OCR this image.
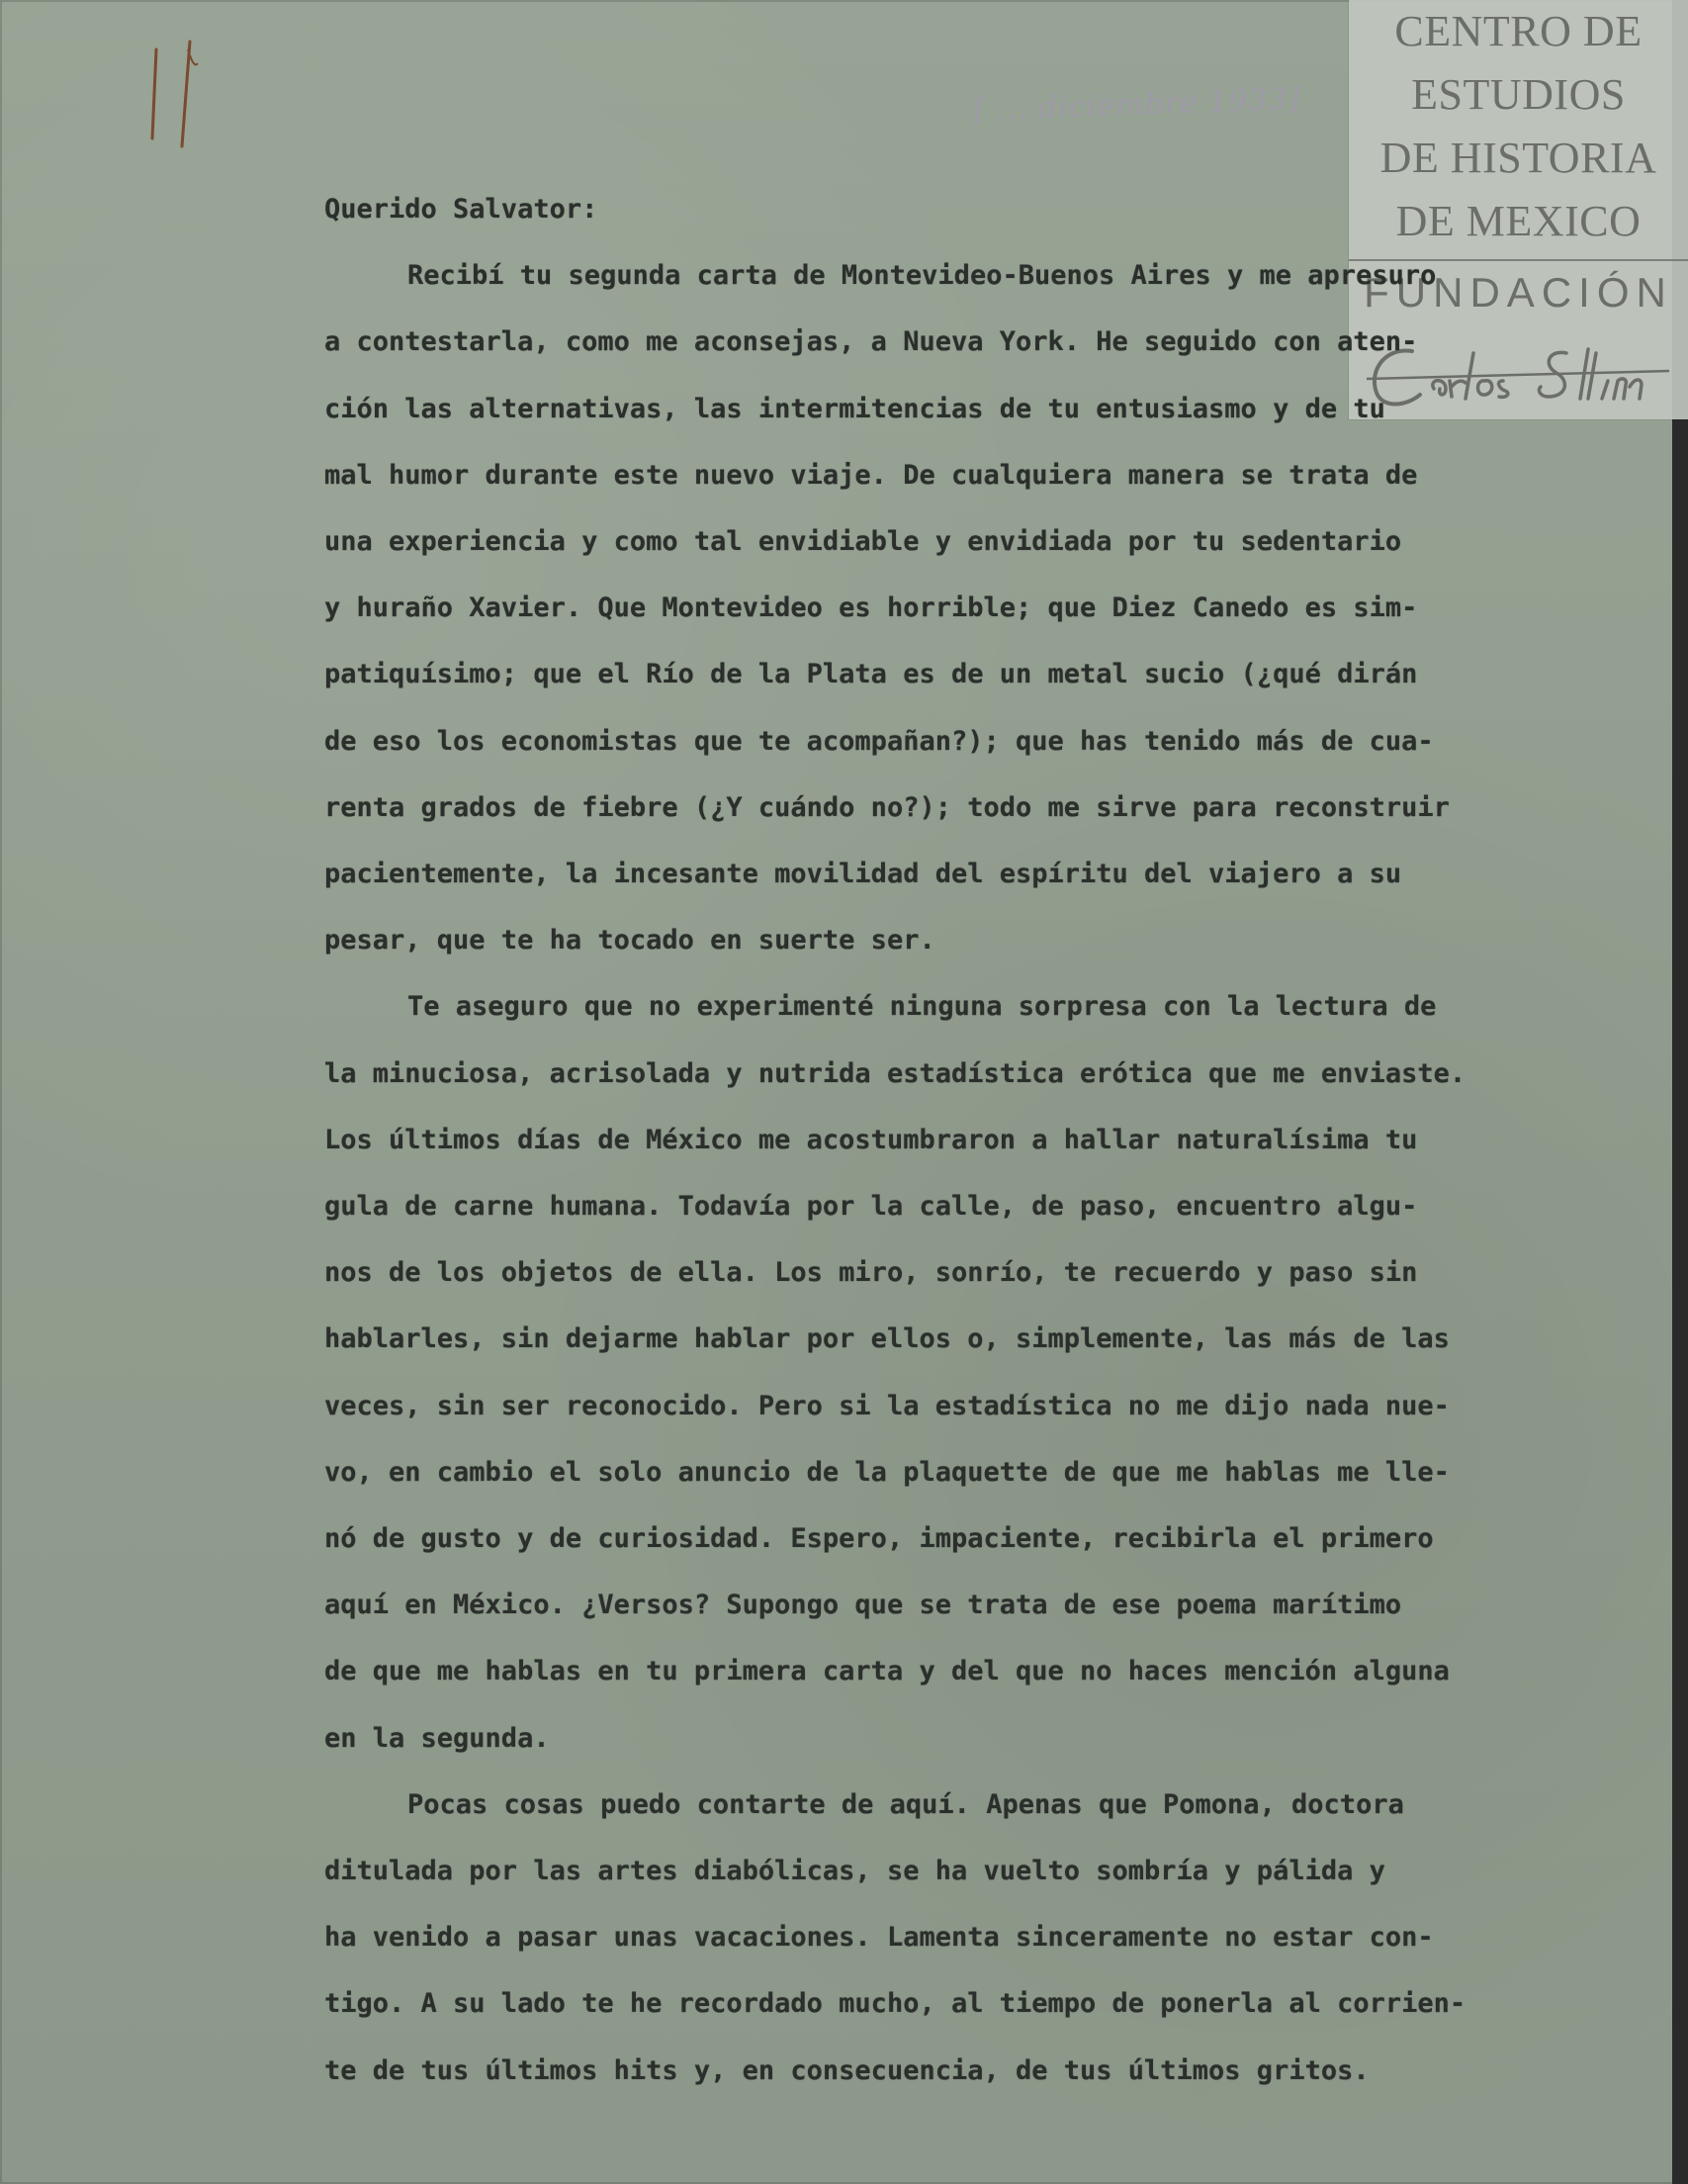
[ ... diciembre 1933]
CENTRO DE
ESTUDIOS
DE HISTORIA
DE MEXICO
FUNDACIÓN
Querido Salvator:
Recibí tu segunda carta de Montevideo-Buenos Aires y me apresuro
a contestarla, como me aconsejas, a Nueva York. He seguido con aten-
ción las alternativas, las intermitencias de tu entusiasmo y de tu
mal humor durante este nuevo viaje. De cualquiera manera se trata de
una experiencia y como tal envidiable y envidiada por tu sedentario
y huraño Xavier. Que Montevideo es horrible; que Diez Canedo es sim-
patiquísimo; que el Río de la Plata es de un metal sucio (¿qué dirán
de eso los economistas que te acompañan?); que has tenido más de cua-
renta grados de fiebre (¿Y cuándo no?); todo me sirve para reconstruir
pacientemente, la incesante movilidad del espíritu del viajero a su
pesar, que te ha tocado en suerte ser.
Te aseguro que no experimenté ninguna sorpresa con la lectura de
la minuciosa, acrisolada y nutrida estadística erótica que me enviaste.
Los últimos días de México me acostumbraron a hallar naturalísima tu
gula de carne humana. Todavía por la calle, de paso, encuentro algu-
nos de los objetos de ella. Los miro, sonrío, te recuerdo y paso sin
hablarles, sin dejarme hablar por ellos o, simplemente, las más de las
veces, sin ser reconocido. Pero si la estadística no me dijo nada nue-
vo, en cambio el solo anuncio de la plaquette de que me hablas me lle-
nó de gusto y de curiosidad. Espero, impaciente, recibirla el primero
aquí en México. ¿Versos? Supongo que se trata de ese poema marítimo
de que me hablas en tu primera carta y del que no haces mención alguna
en la segunda.
Pocas cosas puedo contarte de aquí. Apenas que Pomona, doctora
ditulada por las artes diabólicas, se ha vuelto sombría y pálida y
ha venido a pasar unas vacaciones. Lamenta sinceramente no estar con-
tigo. A su lado te he recordado mucho, al tiempo de ponerla al corrien-
te de tus últimos hits y, en consecuencia, de tus últimos gritos.
